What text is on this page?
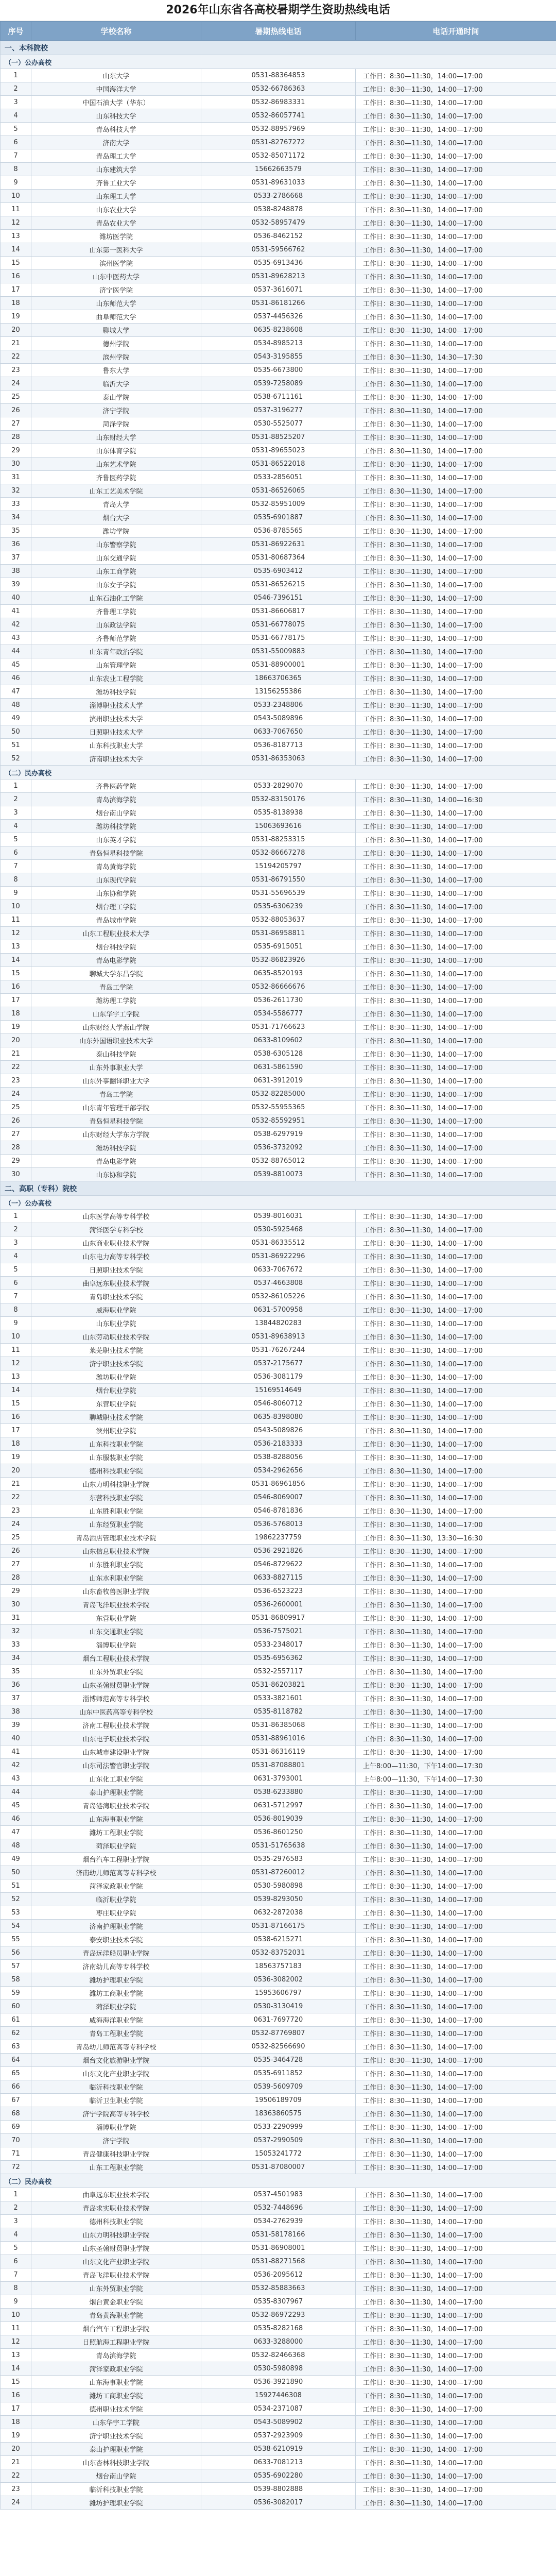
2026年山东省各高校暑期学生资助热线电话
序号	学校名称	暑期热线电话	电话开通时间
一、本科院校			
（一）公办高校			
1	山东大学	0531-88364853	工作日：8:30—11:30，14:00—17:00
2	中国海洋大学	0532-66786363	工作日：8:30—11:30，14:00—17:00
3	中国石油大学（华东）	0532-86983331	工作日：8:30—11:30，14:00—17:00
4	山东科技大学	0532-86057741	工作日：8:30—11:30，14:00—17:00
5	青岛科技大学	0532-88957969	工作日：8:30—11:30，14:00—17:00
6	济南大学	0531-82767272	工作日：8:30—11:30，14:00—17:00
7	青岛理工大学	0532-85071172	工作日：8:30—11:30，14:00—17:00
8	山东建筑大学	15662663579	工作日：8:30—11:30，14:00—17:00
9	齐鲁工业大学	0531-89631033	工作日：8:30—11:30，14:00—17:00
10	山东理工大学	0533-2786668	工作日：8:30—11:30，14:00—17:00
11	山东农业大学	0538-8248878	工作日：8:30—11:30，14:00—17:00
12	青岛农业大学	0532-58957479	工作日：8:30—11:30，14:00—17:00
13	潍坊医学院	0536-8462152	工作日：8:30—11:30，14:00—17:00
14	山东第一医科大学	0531-59566762	工作日：8:30—11:30，14:00—17:00
15	滨州医学院	0535-6913436	工作日：8:30—11:30，14:00—17:00
16	山东中医药大学	0531-89628213	工作日：8:30—11:30，14:00—17:00
17	济宁医学院	0537-3616071	工作日：8:30—11:30，14:00—17:00
18	山东师范大学	0531-86181266	工作日：8:30—11:30，14:00—17:00
19	曲阜师范大学	0537-4456326	工作日：8:30—11:30，14:00—17:00
20	聊城大学	0635-8238608	工作日：8:30—11:30，14:00—17:00
21	德州学院	0534-8985213	工作日：8:30—11:30，14:00—17:00
22	滨州学院	0543-3195855	工作日：8:30—11:30，14:30—17:30
23	鲁东大学	0535-6673800	工作日：8:30—11:30，14:00—17:00
24	临沂大学	0539-7258089	工作日：8:30—11:30，14:00—17:00
25	泰山学院	0538-6711161	工作日：8:30—11:30，14:00—17:00
26	济宁学院	0537-3196277	工作日：8:30—11:30，14:00—17:00
27	菏泽学院	0530-5525077	工作日：8:30—11:30，14:00—17:00
28	山东财经大学	0531-88525207	工作日：8:30—11:30，14:00—17:00
29	山东体育学院	0531-89655023	工作日：8:30—11:30，14:00—17:00
30	山东艺术学院	0531-86522018	工作日：8:30—11:30，14:00—17:00
31	齐鲁医药学院	0533-2856051	工作日：8:30—11:30，14:00—17:00
32	山东工艺美术学院	0531-86526065	工作日：8:30—11:30，14:00—17:00
33	青岛大学	0532-85951009	工作日：8:30—11:30，14:00—17:00
34	烟台大学	0535-6901887	工作日：8:30—11:30，14:00—17:00
35	潍坊学院	0536-8785565	工作日：8:30—11:30，14:00—17:00
36	山东警察学院	0531-86922631	工作日：8:30—11:30，14:00—17:00
37	山东交通学院	0531-80687364	工作日：8:30—11:30，14:00—17:00
38	山东工商学院	0535-6903412	工作日：8:30—11:30，14:00—17:00
39	山东女子学院	0531-86526215	工作日：8:30—11:30，14:00—17:00
40	山东石油化工学院	0546-7396151	工作日：8:30—11:30，14:00—17:00
41	齐鲁理工学院	0531-86606817	工作日：8:30—11:30，14:00—17:00
42	山东政法学院	0531-66778075	工作日：8:30—11:30，14:00—17:00
43	齐鲁师范学院	0531-66778175	工作日：8:30—11:30，14:00—17:00
44	山东青年政治学院	0531-55009883	工作日：8:30—11:30，14:00—17:00
45	山东管理学院	0531-88900001	工作日：8:30—11:30，14:00—17:00
46	山东农业工程学院	18663706365	工作日：8:30—11:30，14:00—17:00
47	潍坊科技学院	13156255386	工作日：8:30—11:30，14:00—17:00
48	淄博职业技术大学	0533-2348806	工作日：8:30—11:30，14:00—17:00
49	滨州职业技术大学	0543-5089896	工作日：8:30—11:30，14:00—17:00
50	日照职业技术大学	0633-7067650	工作日：8:30—11:30，14:00—17:00
51	山东科技职业大学	0536-8187713	工作日：8:30—11:30，14:00—17:00
52	济南职业技术大学	0531-86353063	工作日：8:30—11:30，14:00—17:00
（二）民办高校			
1	齐鲁医药学院	0533-2829070	工作日：8:30—11:30，14:00—17:00
2	青岛滨海学院	0532-83150176	工作日：8:30—11:30，14:00—16:30
3	烟台南山学院	0535-8138938	工作日：8:30—11:30，14:00—17:00
4	潍坊科技学院	15063693616	工作日：8:30—11:30，14:00—17:00
5	山东英才学院	0531-88253315	工作日：8:30—11:30，14:00—17:00
6	青岛恒星科技学院	0532-86667278	工作日：8:30—11:30，14:00—17:00
7	青岛黄海学院	15194205797	工作日：8:30—11:30，14:00—17:00
8	山东现代学院	0531-86791550	工作日：8:30—11:30，14:00—17:00
9	山东协和学院	0531-55696539	工作日：8:30—11:30，14:00—17:00
10	烟台理工学院	0535-6306239	工作日：8:30—11:30，14:00—17:00
11	青岛城市学院	0532-88053637	工作日：8:30—11:30，14:00—17:00
12	山东工程职业技术大学	0531-86958811	工作日：8:30—11:30，14:00—17:00
13	烟台科技学院	0535-6915051	工作日：8:30—11:30，14:00—17:00
14	青岛电影学院	0532-86823926	工作日：8:30—11:30，14:00—17:00
15	聊城大学东昌学院	0635-8520193	工作日：8:30—11:30，14:00—17:00
16	青岛工学院	0532-86666676	工作日：8:30—11:30，14:00—17:00
17	潍坊理工学院	0536-2611730	工作日：8:30—11:30，14:00—17:00
18	山东华宇工学院	0534-5586777	工作日：8:30—11:30，14:00—17:00
19	山东财经大学燕山学院	0531-71766623	工作日：8:30—11:30，14:00—17:00
20	山东外国语职业技术大学	0633-8109602	工作日：8:30—11:30，14:00—17:00
21	泰山科技学院	0538-6305128	工作日：8:30—11:30，14:00—17:00
22	山东外事职业大学	0631-5861590	工作日：8:30—11:30，14:00—17:00
23	山东外事翻译职业大学	0631-3912019	工作日：8:30—11:30，14:00—17:00
24	青岛工学院	0532-82285000	工作日：8:30—11:30，14:00—17:00
25	山东青年管理干部学院	0532-55955365	工作日：8:30—11:30，14:00—17:00
26	青岛恒星科技学院	0532-85592951	工作日：8:30—11:30，14:00—17:00
27	山东财经大学东方学院	0538-6297919	工作日：8:30—11:30，14:00—17:00
28	潍坊科技学院	0536-3732092	工作日：8:30—11:30，14:00—17:00
29	青岛电影学院	0532-88765012	工作日：8:30—11:30，14:00—17:00
30	山东协和学院	0539-8810073	工作日：8:30—11:30，14:00—17:00
二、高职（专科）院校			
（一）公办高校			
1	山东医学高等专科学校	0539-8016031	工作日：8:30—11:30，14:30—17:00
2	菏泽医学专科学校	0530-5925468	工作日：8:30—11:30，14:00—17:00
3	山东商业职业技术学院	0531-86335512	工作日：8:30—11:30，14:00—17:00
4	山东电力高等专科学校	0531-86922296	工作日：8:30—11:30，14:00—17:00
5	日照职业技术学院	0633-7067672	工作日：8:30—11:30，14:00—17:00
6	曲阜远东职业技术学院	0537-4663808	工作日：8:30—11:30，14:00—17:00
7	青岛职业技术学院	0532-86105226	工作日：8:30—11:30，14:00—17:00
8	威海职业学院	0631-5700958	工作日：8:30—11:30，14:00—17:00
9	山东职业学院	13844820283	工作日：8:30—11:30，14:00—17:00
10	山东劳动职业技术学院	0531-89638913	工作日：8:30—11:30，14:00—17:00
11	莱芜职业技术学院	0531-76267244	工作日：8:30—11:30，14:00—17:00
12	济宁职业技术学院	0537-2175677	工作日：8:30—11:30，14:00—17:00
13	潍坊职业学院	0536-3081179	工作日：8:30—11:30，14:00—17:00
14	烟台职业学院	15169514649	工作日：8:30—11:30，14:00—17:00
15	东营职业学院	0546-8060712	工作日：8:30—11:30，14:00—17:00
16	聊城职业技术学院	0635-8398080	工作日：8:30—11:30，14:00—17:00
17	滨州职业学院	0543-5089826	工作日：8:30—11:30，14:00—17:00
18	山东科技职业学院	0536-2183333	工作日：8:30—11:30，14:00—17:00
19	山东服装职业学院	0538-8288056	工作日：8:30—11:30，14:00—17:00
20	德州科技职业学院	0534-2962656	工作日：8:30—11:30，14:00—17:00
21	山东力明科技职业学院	0531-86961856	工作日：8:30—11:30，14:00—17:00
22	东营科技职业学院	0546-8069007	工作日：8:30—11:30，14:00—17:00
23	山东胜利职业学院	0546-8781836	工作日：8:30—11:30，14:00—17:00
24	山东经贸职业学院	0536-5768013	工作日：8:30—11:30，14:00—17:00
25	青岛酒店管理职业技术学院	19862237759	工作日：8:30—11:30，13:30—16:30
26	山东信息职业技术学院	0536-2921826	工作日：8:30—11:30，14:00—17:00
27	山东胜利职业学院	0546-8729622	工作日：8:30—11:30，14:00—17:00
28	山东水利职业学院	0633-8827115	工作日：8:30—11:30，14:00—17:00
29	山东畜牧兽医职业学院	0536-6523223	工作日：8:30—11:30，14:00—17:00
30	青岛飞洋职业技术学院	0536-2600001	工作日：8:30—11:30，14:00—17:00
31	东营职业学院	0531-86809917	工作日：8:30—11:30，14:00—17:00
32	山东交通职业学院	0536-7575021	工作日：8:30—11:30，14:00—17:00
33	淄博职业学院	0533-2348017	工作日：8:30—11:30，14:00—17:00
34	烟台工程职业技术学院	0535-6956362	工作日：8:30—11:30，14:00—17:00
35	山东外贸职业学院	0532-2557117	工作日：8:30—11:30，14:00—17:00
36	山东圣翰财贸职业学院	0531-86203821	工作日：8:30—11:30，14:00—17:00
37	淄博师范高等专科学校	0533-3821601	工作日：8:30—11:30，14:00—17:00
38	山东中医药高等专科学校	0535-8118782	工作日：8:30—11:30，14:00—17:00
39	济南工程职业技术学院	0531-86385068	工作日：8:30—11:30，14:00—17:00
40	山东电子职业技术学院	0531-88961016	工作日：8:30—11:30，14:00—17:00
41	山东城市建设职业学院	0531-86316119	工作日：8:30—11:30，14:00—17:00
42	山东司法警官职业学院	0531-87088801	上午8:00—11:30，下午14:00—17:30
43	山东化工职业学院	0631-3793001	上午8:00—11:30，下午14:00—17:30
44	泰山护理职业学院	0538-6233880	工作日：8:30—11:30，14:00—17:00
45	青岛港湾职业技术学院	0631-5712997	工作日：8:30—11:30，14:00—17:00
46	山东海事职业学院	0536-8019039	工作日：8:30—11:30，14:00—17:00
47	潍坊工程职业学院	0536-8601250	工作日：8:30—11:30，14:00—17:00
48	菏泽职业学院	0531-51765638	工作日：8:30—11:30，14:00—17:00
49	烟台汽车工程职业学院	0535-2976583	工作日：8:30—11:30，14:00—17:00
50	济南幼儿师范高等专科学校	0531-87260012	工作日：8:30—11:30，14:00—17:00
51	菏泽家政职业学院	0530-5980898	工作日：8:30—11:30，14:00—17:00
52	临沂职业学院	0539-8293050	工作日：8:30—11:30，14:00—17:00
53	枣庄职业学院	0632-2872038	工作日：8:30—11:30，14:00—17:00
54	济南护理职业学院	0531-87166175	工作日：8:30—11:30，14:00—17:00
55	泰安职业技术学院	0538-6215271	工作日：8:30—11:30，14:00—17:00
56	青岛远洋船员职业学院	0532-83752031	工作日：8:30—11:30，14:00—17:00
57	济南幼儿高等专科学校	18563757183	工作日：8:30—11:30，14:00—17:00
58	潍坊护理职业学院	0536-3082002	工作日：8:30—11:30，14:00—17:00
59	潍坊工商职业学院	15953606797	工作日：8:30—11:30，14:00—17:00
60	菏泽职业学院	0530-3130419	工作日：8:30—11:30，14:00—17:00
61	威海海洋职业学院	0631-7697720	工作日：8:30—11:30，14:00—17:00
62	青岛工程职业学院	0532-87769807	工作日：8:30—11:30，14:00—17:00
63	青岛幼儿师范高等专科学校	0532-82566690	工作日：8:30—11:30，14:00—17:00
64	烟台文化旅游职业学院	0535-3464728	工作日：8:30—11:30，14:00—17:00
65	山东文化产业职业学院	0535-6911852	工作日：8:30—11:30，14:00—17:00
66	临沂科技职业学院	0539-5609709	工作日：8:30—11:30，14:00—17:00
67	临沂卫生职业学院	19506189709	工作日：8:30—11:30，14:00—17:00
68	济宁学院高等专科学校	18363860575	工作日：8:30—11:30，14:00—17:00
69	淄博职业学院	0533-2290999	工作日：8:30—11:30，14:00—17:00
70	济宁学院	0537-2990509	工作日：8:30—11:30，14:00—17:00
71	青岛健康科技职业学院	15053241772	工作日：8:30—11:30，14:00—17:00
72	山东工程职业学院	0531-87080007	工作日：8:30—11:30，14:00—17:00
（二）民办高校			
1	曲阜远东职业技术学院	0537-4501983	工作日：8:30—11:30，14:00—17:00
2	青岛求实职业技术学院	0532-7448696	工作日：8:30—11:30，14:00—17:00
3	德州科技职业学院	0534-2762939	工作日：8:30—11:30，14:00—17:00
4	山东力明科技职业学院	0531-58178166	工作日：8:30—11:30，14:00—17:00
5	山东圣翰财贸职业学院	0531-86908001	工作日：8:30—11:30，14:00—17:00
6	山东文化产业职业学院	0531-88271568	工作日：8:30—11:30，14:00—17:00
7	青岛飞洋职业技术学院	0536-2095612	工作日：8:30—11:30，14:00—17:00
8	山东外贸职业学院	0532-85883663	工作日：8:30—11:30，14:00—17:00
9	烟台黄金职业学院	0535-8307967	工作日：8:30—11:30，14:00—17:00
10	青岛黄海职业学院	0532-86972293	工作日：8:30—11:30，14:00—17:00
11	烟台汽车工程职业学院	0535-8282168	工作日：8:30—11:30，14:00—17:00
12	日照航海工程职业学院	0633-3288000	工作日：8:30—11:30，14:00—17:00
13	青岛滨海学院	0532-82466368	工作日：8:30—11:30，14:00—17:00
14	菏泽家政职业学院	0530-5980898	工作日：8:30—11:30，14:00—17:00
15	山东海事职业学院	0536-3921890	工作日：8:30—11:30，14:00—17:00
16	潍坊工商职业学院	15927446308	工作日：8:30—11:30，14:00—17:00
17	德州职业技术学院	0534-2371087	工作日：8:30—11:30，14:00—17:00
18	山东华宇工学院	0543-5089902	工作日：8:30—11:30，14:00—17:00
19	济宁职业技术学院	0537-2923909	工作日：8:30—11:30，14:00—17:00
20	泰山护理职业学院	0538-6210919	工作日：8:30—11:30，14:00—17:00
21	山东杏林科技职业学院	0633-7081213	工作日：8:30—11:30，14:00—17:00
22	烟台南山学院	0535-6902280	工作日：8:30—11:30，14:00—17:00
23	临沂科技职业学院	0539-8802888	工作日：8:30—11:30，14:00—17:00
24	潍坊护理职业学院	0536-3082017	工作日：8:30—11:30，14:00—17:00
